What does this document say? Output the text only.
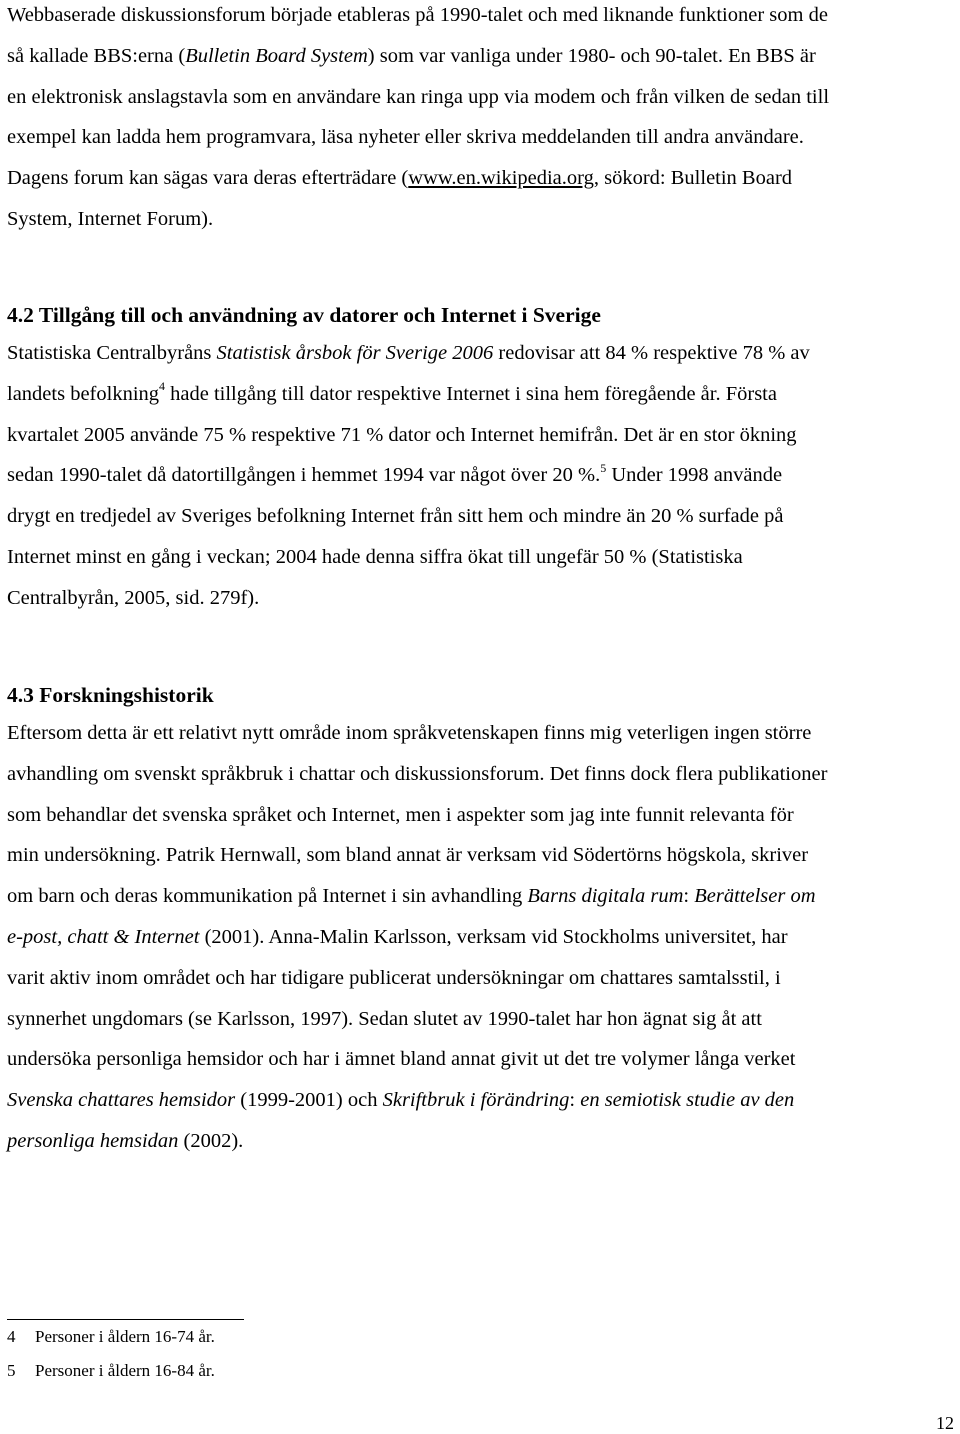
Webbaserade diskussionsforum började etableras på 1990-talet och med liknande funktioner som de
så kallade BBS:erna (Bulletin Board System) som var vanliga under 1980- och 90-talet. En BBS är
en elektronisk anslagstavla som en användare kan ringa upp via modem och från vilken de sedan till
exempel kan ladda hem programvara, läsa nyheter eller skriva meddelanden till andra användare.
Dagens forum kan sägas vara deras efterträdare (www.en.wikipedia.org, sökord: Bulletin Board
System, Internet Forum).
4.2 Tillgång till och användning av datorer och Internet i Sverige
Statistiska Centralbyråns Statistisk årsbok för Sverige 2006 redovisar att 84 % respektive 78 % av
landets befolkning$^4$ hade tillgång till dator respektive Internet i sina hem föregående år. Första
kvartalet 2005 använde 75 % respektive 71 % dator och Internet hemifrån. Det är en stor ökning
sedan 1990-talet då datortillgången i hemmet 1994 var något över 20 %.$^5$ Under 1998 använde
drygt en tredjedel av Sveriges befolkning Internet från sitt hem och mindre än 20 % surfade på
Internet minst en gång i veckan; 2004 hade denna siffra ökat till ungefär 50 % (Statistiska
Centralbyrån, 2005, sid. 279f).
4.3 Forskningshistorik
Eftersom detta är ett relativt nytt område inom språkvetenskapen finns mig veterligen ingen större
avhandling om svenskt språkbruk i chattar och diskussionsforum. Det finns dock flera publikationer
som behandlar det svenska språket och Internet, men i aspekter som jag inte funnit relevanta för
min undersökning. Patrik Hernwall, som bland annat är verksam vid Södertörns högskola, skriver
om barn och deras kommunikation på Internet i sin avhandling Barns digitala rum: Berättelser om
e-post, chatt & Internet (2001). Anna-Malin Karlsson, verksam vid Stockholms universitet, har
varit aktiv inom området och har tidigare publicerat undersökningar om chattares samtalsstil, i
synnerhet ungdomars (se Karlsson, 1997). Sedan slutet av 1990-talet har hon ägnat sig åt att
undersöka personliga hemsidor och har i ämnet bland annat givit ut det tre volymer långa verket
Svenska chattares hemsidor (1999-2001) och Skriftbruk i förändring: en semiotisk studie av den
personliga hemsidan (2002).

4 Personer i åldern 16-74 år.

5 Personer i åldern 16-84 år.

12
